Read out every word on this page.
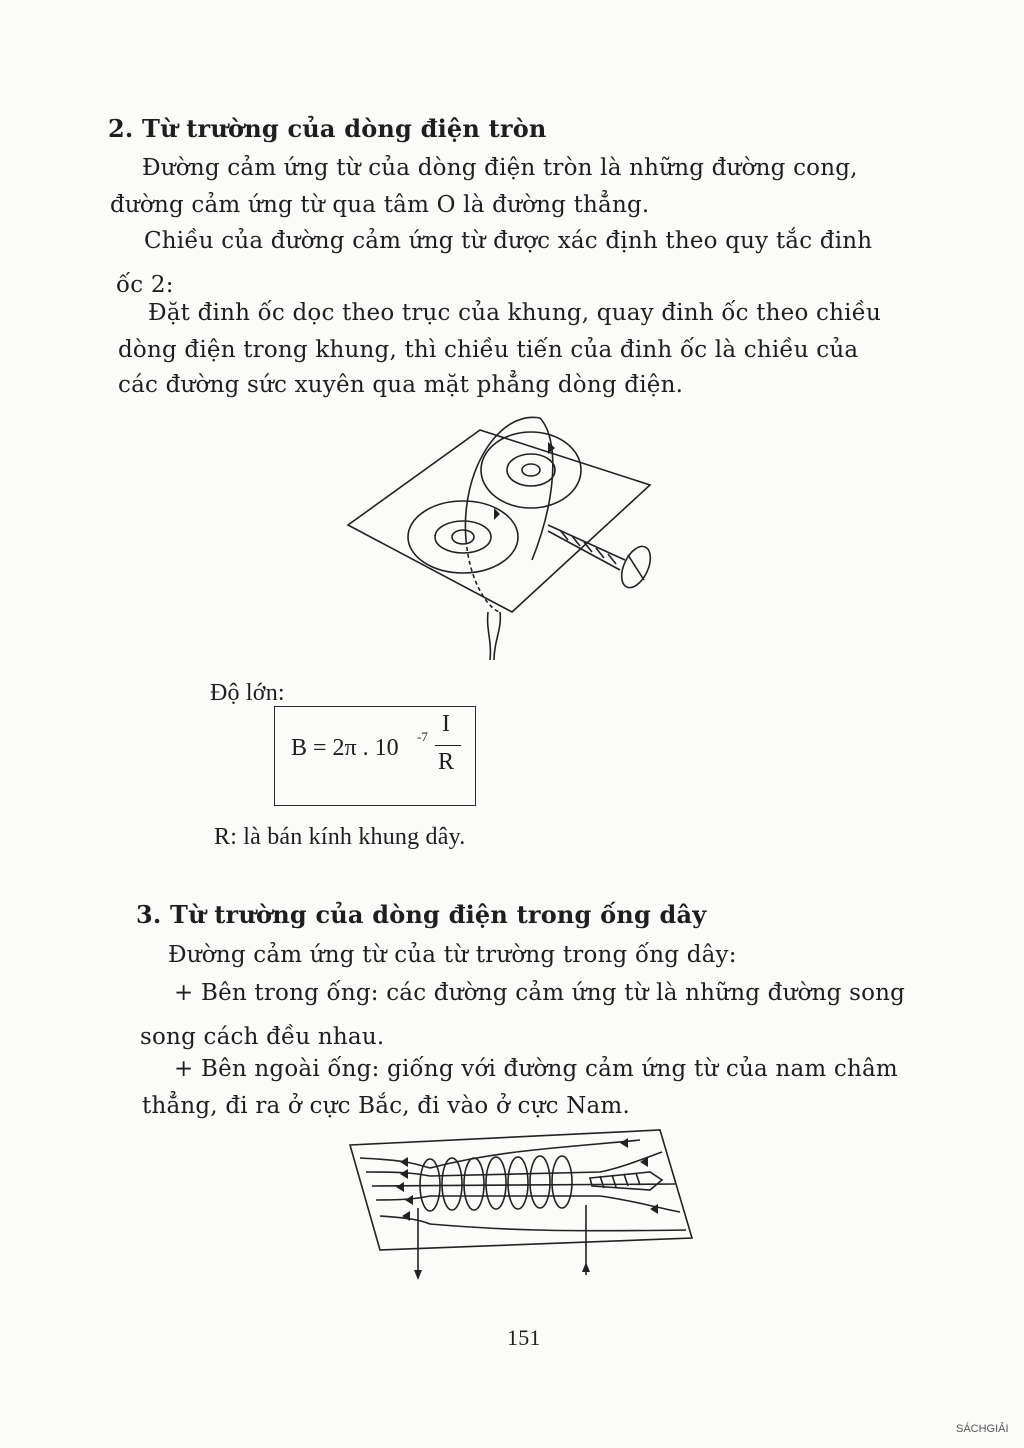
2. Từ trường của dòng điện tròn
Đường cảm ứng từ của dòng điện tròn là những đường cong,
đường cảm ứng từ qua tâm O là đường thẳng.
Chiều của đường cảm ứng từ được xác định theo quy tắc đinh
ốc 2:
Đặt đinh ốc dọc theo trục của khung, quay đinh ốc theo chiều
dòng điện trong khung, thì chiều tiến của đinh ốc là chiều của
các đường sức xuyên qua mặt phẳng dòng điện.
Độ lớn:
B = 2π . 10 -7 I
R
R: là bán kính khung dây.
3. Từ trường của dòng điện trong ống dây
Đường cảm ứng từ của từ trường trong ống dây:
+ Bên trong ống: các đường cảm ứng từ là những đường song
song cách đều nhau.
+ Bên ngoài ống: giống với đường cảm ứng từ của nam châm
thẳng, đi ra ở cực Bắc, đi vào ở cực Nam.
151
SÁCHGIẢI
